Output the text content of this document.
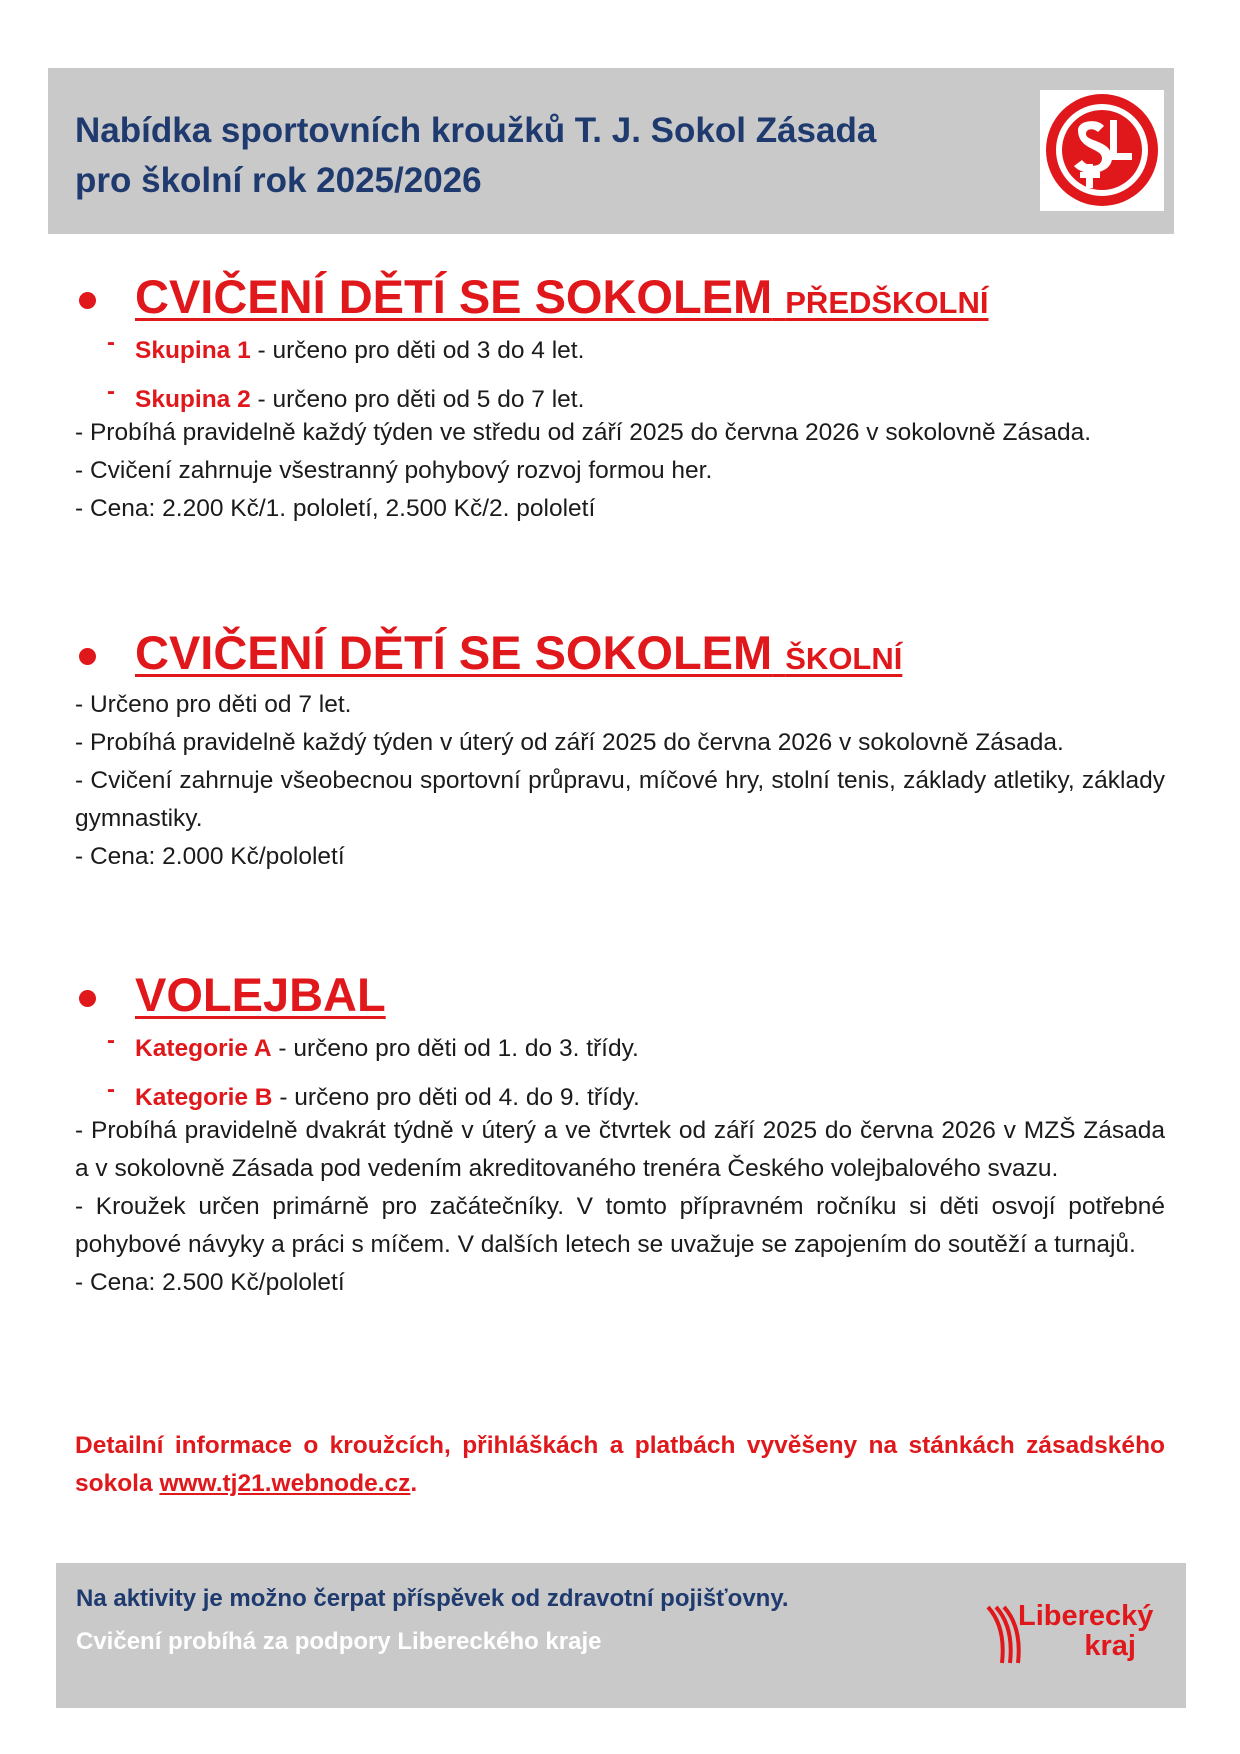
Nabídka sportovních kroužků T. J. Sokol Zásada
pro školní rok 2025/2026
CVIČENÍ DĚTÍ SE SOKOLEM PŘEDŠKOLNÍ
- Skupina 1 - určeno pro děti od 3 do 4 let.
- Skupina 2 - určeno pro děti od 5 do 7 let.

- Probíhá pravidelně každý týden ve středu od září 2025 do června 2026 v sokolovně Zásada.

- Cvičení zahrnuje všestranný pohybový rozvoj formou her.

- Cena: 2.200 Kč/1. pololetí, 2.500 Kč/2. pololetí

CVIČENÍ DĚTÍ SE SOKOLEM ŠKOLNÍ

- Určeno pro děti od 7 let.

- Probíhá pravidelně každý týden v úterý od září 2025 do června 2026 v sokolovně Zásada.

- Cvičení zahrnuje všeobecnou sportovní průpravu, míčové hry, stolní tenis, základy atletiky, základy gymnastiky.

- Cena: 2.000 Kč/pololetí

VOLEJBAL
- Kategorie A - určeno pro děti od 1. do 3. třídy.
- Kategorie B - určeno pro děti od 4. do 9. třídy.

- Probíhá pravidelně dvakrát týdně v úterý a ve čtvrtek od září 2025 do června 2026 v MZŠ Zásada a v sokolovně Zásada pod vedením akreditovaného trenéra Českého volejbalového svazu.

- Kroužek určen primárně pro začátečníky. V tomto přípravném ročníku si děti osvojí potřebné pohybové návyky a práci s míčem. V dalších letech se uvažuje se zapojením do soutěží a turnajů.

- Cena: 2.500 Kč/pololetí

Detailní informace o kroužcích, přihláškách a platbách vyvěšeny na stánkách zásadského sokola www.tj21.webnode.cz.

Na aktivity je možno čerpat příspěvek od zdravotní pojišťovny.
Cvičení probíhá za podpory Libereckého kraje
Liberecký
kraj
